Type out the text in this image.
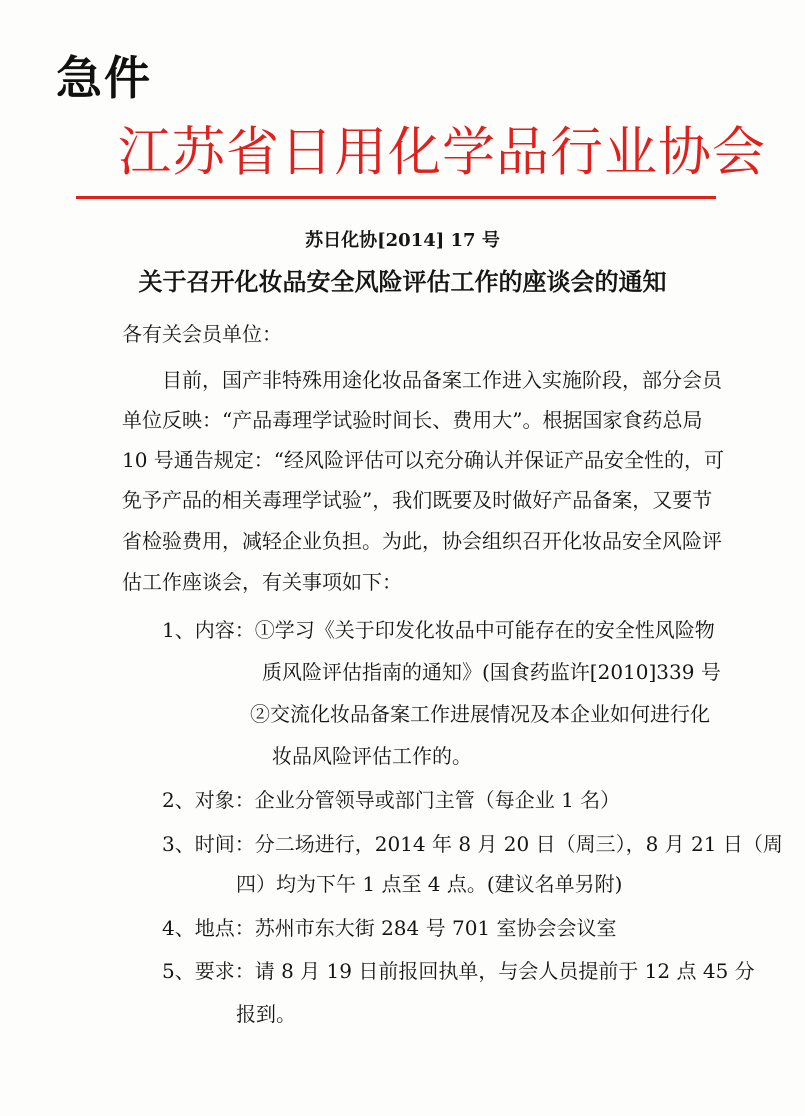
急件
江苏省日用化学品行业协会
苏日化协[2014] 17 号
关于召开化妆品安全风险评估工作的座谈会的通知
各有关会员单位：
目前，国产非特殊用途化妆品备案工作进入实施阶段，部分会员
单位反映：“产品毒理学试验时间长、费用大”。根据国家食药总局
10 号通告规定：“经风险评估可以充分确认并保证产品安全性的，可
免予产品的相关毒理学试验”，我们既要及时做好产品备案，又要节
省检验费用，减轻企业负担。为此，协会组织召开化妆品安全风险评
估工作座谈会，有关事项如下：
1、内容：①学习《关于印发化妆品中可能存在的安全性风险物
质风险评估指南的通知》(国食药监许[2010]339 号
②交流化妆品备案工作进展情况及本企业如何进行化
妆品风险评估工作的。
2、对象：企业分管领导或部门主管（每企业 1 名）
3、时间：分二场进行，2014 年 8 月 20 日（周三），8 月 21 日（周
四）均为下午 1 点至 4 点。(建议名单另附)
4、地点：苏州市东大街 284 号 701 室协会会议室
5、要求：请 8 月 19 日前报回执单，与会人员提前于 12 点 45 分
报到。
